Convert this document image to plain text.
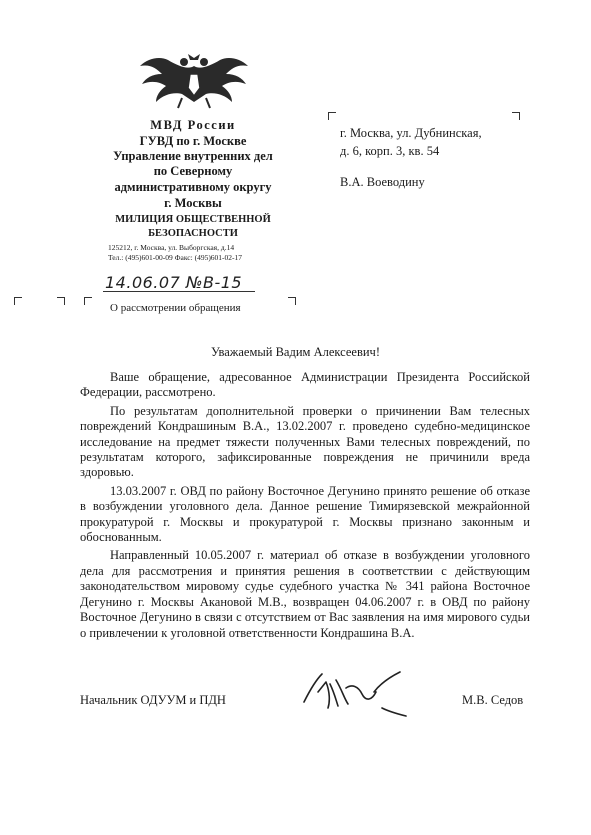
МВД России
ГУВД по г. Москве
Управление внутренних дел
по Северному
административному округу
г. Москвы
МИЛИЦИЯ ОБЩЕСТВЕННОЙ
БЕЗОПАСНОСТИ
125212, г. Москва, ул. Выборгская, д.14
Тел.: (495)601-00-09 Факс: (495)601-02-17
14.06.07 №В-15
г. Москва, ул. Дубнинская,
д. 6, корп. 3, кв. 54
В.А. Воеводину
О рассмотрении обращения
Уважаемый Вадим Алексеевич!

Ваше обращение, адресованное Администрации Президента Российской Федерации, рассмотрено.

По результатам дополнительной проверки о причинении Вам телесных повреждений Кондрашиным В.А., 13.02.2007 г. проведено судебно-медицинское исследование на предмет тяжести полученных Вами телесных повреждений, по результатам которого, зафиксированные повреждения не причинили вреда здоровью.

13.03.2007 г. ОВД по району Восточное Дегунино принято решение об отказе в возбуждении уголовного дела. Данное решение Тимирязевской межрайонной прокуратурой г. Москвы и прокуратурой г. Москвы признано законным и обоснованным.

Направленный 10.05.2007 г. материал об отказе в возбуждении уголовного дела для рассмотрения и принятия решения в соответствии с действующим законодательством мировому судье судебного участка № 341 района Восточное Дегунино г. Москвы Акановой М.В., возвращен 04.06.2007 г. в ОВД по району Восточное Дегунино в связи с отсутствием от Вас заявления на имя мирового судьи о привлечении к уголовной ответственности Кондрашина В.А.

Начальник ОДУУМ и ПДН	М.В. Седов
